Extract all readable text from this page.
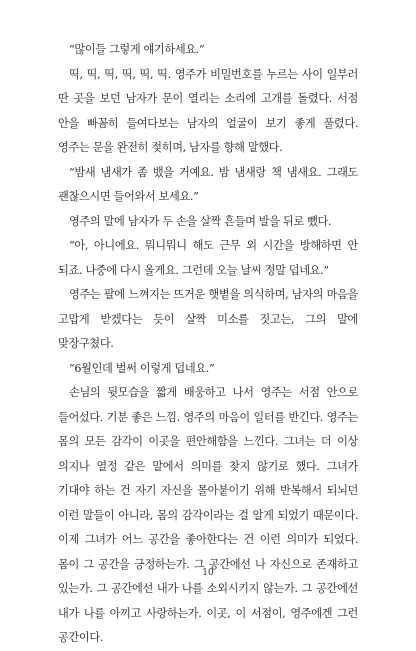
“많이들 그렇게 얘기하세요.”

띡, 띡, 띡, 띡, 띡, 띡. 영주가 비밀번호를 누르는 사이 일부러 딴 곳을 보던 남자가 문이 열리는 소리에 고개를 돌렸다. 서점 안을 빠꼼히 들여다보는 남자의 얼굴이 보기 좋게 풀렸다. 영주는 문을 완전히 젖히며, 남자를 향해 말했다.

“밤새 냄새가 좀 뱄을 거예요. 밤 냄새랑 책 냄새요. 그래도 괜찮으시면 들어와서 보세요.”

영주의 말에 남자가 두 손을 살짝 흔들며 발을 뒤로 뺐다.

“아, 아니에요. 뭐니뭐니 해도 근무 외 시간을 방해하면 안 되죠. 나중에 다시 올게요. 그런데 오늘 날씨 정말 덥네요.”

영주는 팔에 느껴지는 뜨거운 햇볕을 의식하며, 남자의 마음을 고맙게 받겠다는 듯이 살짝 미소를 짓고는, 그의 말에 맞장구쳤다.

“6월인데 벌써 이렇게 덥네요.”

손님의 뒷모습을 짧게 배웅하고 나서 영주는 서점 안으로 들어섰다. 기분 좋은 느낌. 영주의 마음이 일터를 반긴다. 영주는 몸의 모든 감각이 이곳을 편안해함을 느낀다. 그녀는 더 이상 의지나 열정 같은 말에서 의미를 찾지 않기로 했다. 그녀가 기대야 하는 건 자기 자신을 몰아붙이기 위해 반복해서 되뇌던 이런 말들이 아니라, 몸의 감각이라는 걸 알게 되었기 때문이다. 이제 그녀가 어느 공간을 좋아한다는 건 이런 의미가 되었다. 몸이 그 공간을 긍정하는가. 그 공간에선 나 자신으로 존재하고 있는가. 그 공간에선 내가 나를 소외시키지 않는가. 그 공간에선 내가 나를 아끼고 사랑하는가. 이곳, 이 서점이, 영주에겐 그런 공간이다.

10
